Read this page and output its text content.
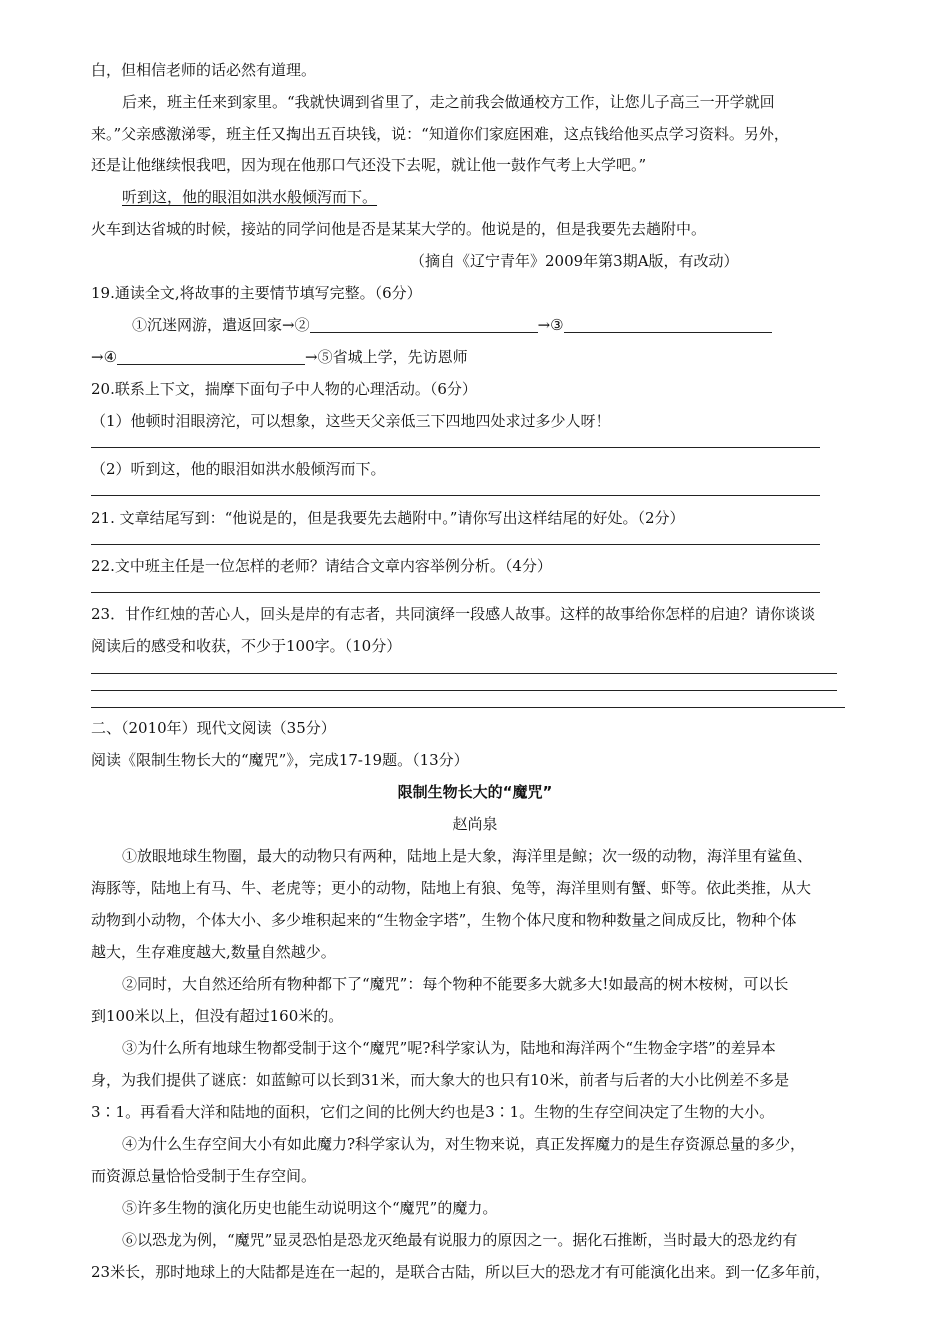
白，但相信老师的话必然有道理。
后来，班主任来到家里。“我就快调到省里了，走之前我会做通校方工作，让您儿子高三一开学就回
来。”父亲感激涕零，班主任又掏出五百块钱，说：“知道你们家庭困难，这点钱给他买点学习资料。另外，
还是让他继续恨我吧，因为现在他那口气还没下去呢，就让他一鼓作气考上大学吧。”
听到这，他的眼泪如洪水般倾泻而下。
火车到达省城的时候，接站的同学问他是否是某某大学的。他说是的，但是我要先去趟附中。
（摘自《辽宁青年》2009年第3期A版，有改动）
19.通读全文,将故事的主要情节填写完整。（6分）
①沉迷网游，遣返回家→②	→③
→④	→⑤省城上学，先访恩师
20.联系上下文，揣摩下面句子中人物的心理活动。（6分）
（1）他顿时泪眼滂沱，可以想象，这些天父亲低三下四地四处求过多少人呀！
（2）听到这，他的眼泪如洪水般倾泻而下。
21. 文章结尾写到：“他说是的，但是我要先去趟附中。”请你写出这样结尾的好处。（2分）
22.文中班主任是一位怎样的老师？请结合文章内容举例分析。（4分）
23．甘作红烛的苦心人，回头是岸的有志者，共同演绎一段感人故事。这样的故事给你怎样的启迪？请你谈谈
阅读后的感受和收获，不少于100字。（10分）
二、（2010年）现代文阅读（35分）
阅读《限制生物长大的“魔咒”》，完成17-19题。（13分）
限制生物长大的“魔咒”
赵尚泉
①放眼地球生物圈，最大的动物只有两种，陆地上是大象，海洋里是鲸；次一级的动物，海洋里有鲨鱼、
海豚等，陆地上有马、牛、老虎等；更小的动物，陆地上有狼、兔等，海洋里则有蟹、虾等。依此类推，从大
动物到小动物，个体大小、多少堆积起来的“生物金字塔”，生物个体尺度和物种数量之间成反比，物种个体
越大，生存难度越大,数量自然越少。
②同时，大自然还给所有物种都下了“魔咒”：每个物种不能要多大就多大!如最高的树木桉树，可以长
到100米以上，但没有超过160米的。
③为什么所有地球生物都受制于这个“魔咒”呢?科学家认为，陆地和海洋两个“生物金字塔”的差异本
身，为我们提供了谜底：如蓝鲸可以长到31米，而大象大的也只有10米，前者与后者的大小比例差不多是
3∶1。再看看大洋和陆地的面积，它们之间的比例大约也是3∶1。生物的生存空间决定了生物的大小。
④为什么生存空间大小有如此魔力?科学家认为，对生物来说，真正发挥魔力的是生存资源总量的多少，
而资源总量恰恰受制于生存空间。
⑤许多生物的演化历史也能生动说明这个“魔咒”的魔力。
⑥以恐龙为例，“魔咒”显灵恐怕是恐龙灭绝最有说服力的原因之一。据化石推断，当时最大的恐龙约有
23米长，那时地球上的大陆都是连在一起的，是联合古陆，所以巨大的恐龙才有可能演化出来。到一亿多年前，
